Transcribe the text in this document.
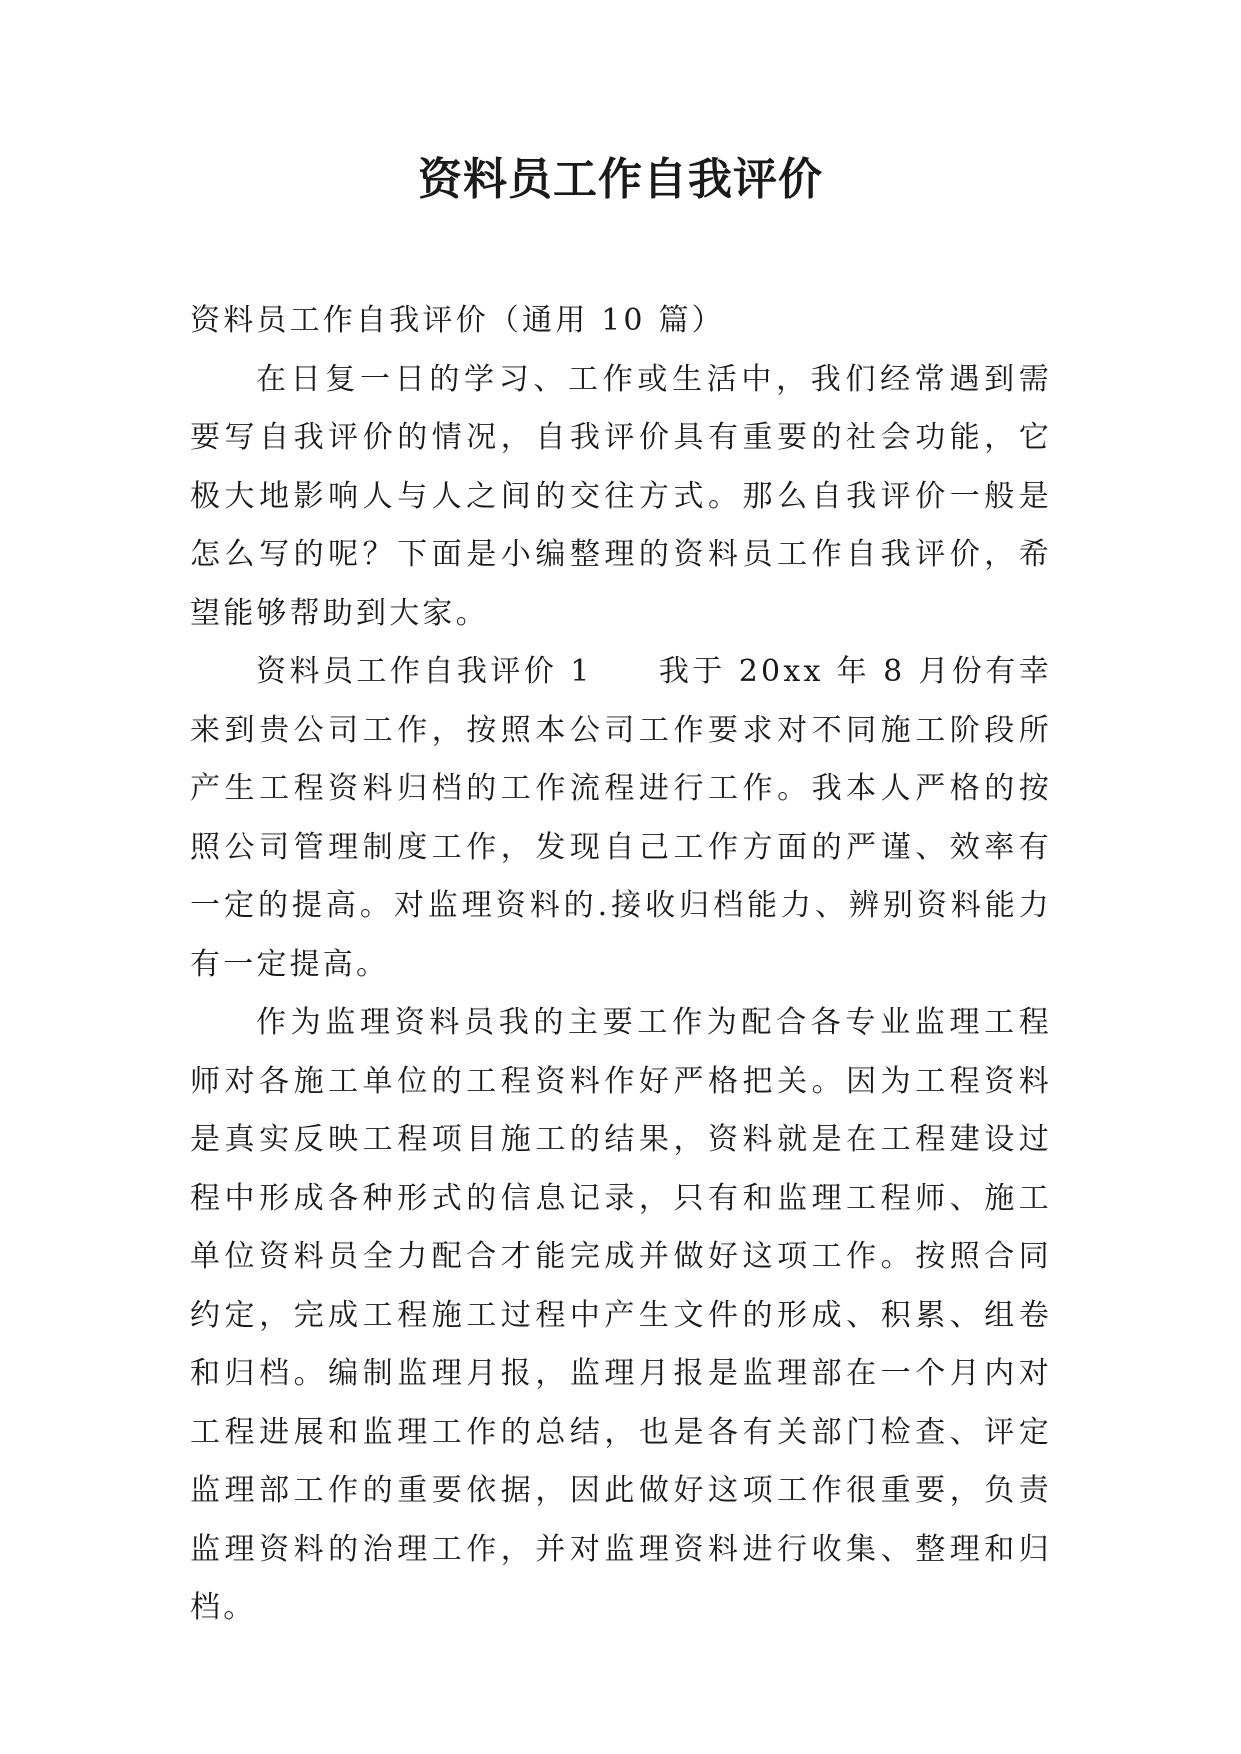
资料员工作自我评价

资料员工作自我评价（通用 10 篇）

在日复一日的学习、工作或生活中，我们经常遇到需要写自我评价的情况，自我评价具有重要的社会功能，它极大地影响人与人之间的交往方式。那么自我评价一般是怎么写的呢？下面是小编整理的资料员工作自我评价，希望能够帮助到大家。

资料员工作自我评价 1 我于 20xx 年 8 月份有幸来到贵公司工作，按照本公司工作要求对不同施工阶段所产生工程资料归档的工作流程进行工作。我本人严格的按照公司管理制度工作，发现自己工作方面的严谨、效率有一定的提高。对监理资料的.接收归档能力、辨别资料能力有一定提高。

作为监理资料员我的主要工作为配合各专业监理工程师对各施工单位的工程资料作好严格把关。因为工程资料是真实反映工程项目施工的结果，资料就是在工程建设过程中形成各种形式的信息记录，只有和监理工程师、施工单位资料员全力配合才能完成并做好这项工作。按照合同约定，完成工程施工过程中产生文件的形成、积累、组卷和归档。编制监理月报，监理月报是监理部在一个月内对工程进展和监理工作的总结，也是各有关部门检查、评定监理部工作的重要依据，因此做好这项工作很重要，负责监理资料的治理工作，并对监理资料进行收集、整理和归档。
